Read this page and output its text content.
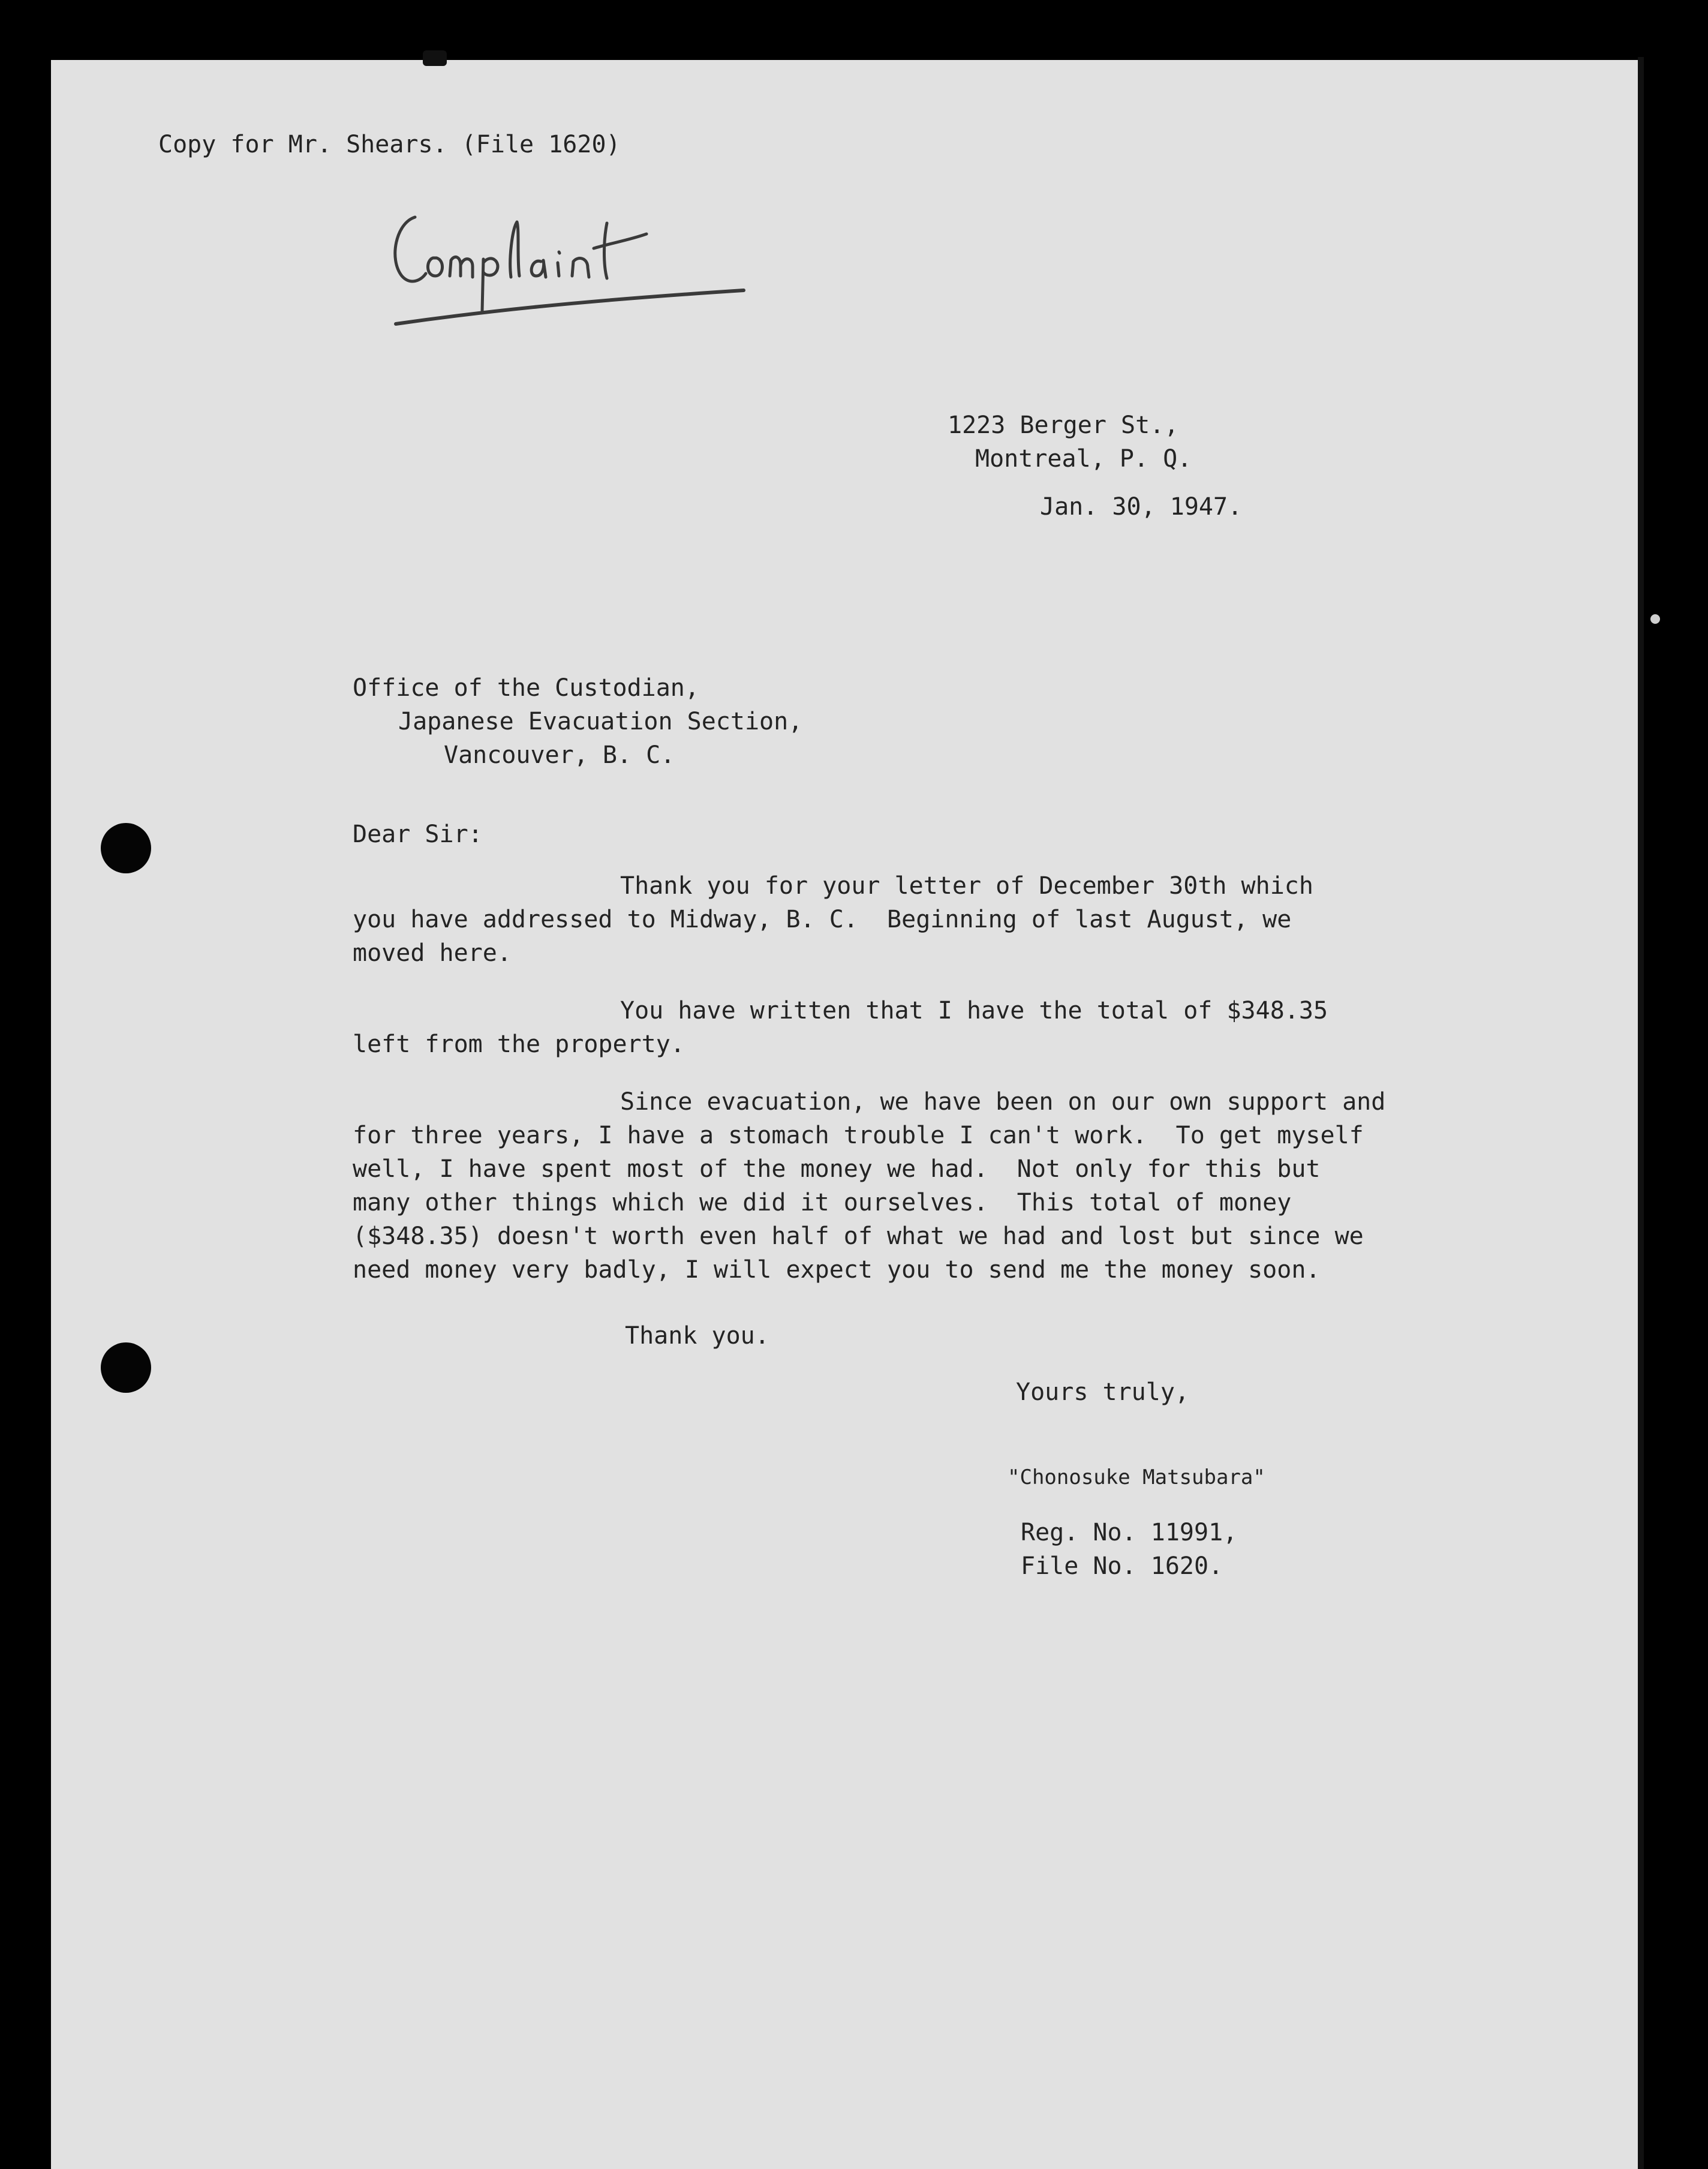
Copy for Mr. Shears. (File 1620)

1223 Berger St.,

Montreal, P. Q.

Jan. 30, 1947.

Office of the Custodian,

Japanese Evacuation Section,

Vancouver, B. C.

Dear Sir:

Thank you for your letter of December 30th which

you have addressed to Midway, B. C.  Beginning of last August, we

moved here.

You have written that I have the total of $348.35

left from the property.

Since evacuation, we have been on our own support and

for three years, I have a stomach trouble I can't work.  To get myself

well, I have spent most of the money we had.  Not only for this but

many other things which we did it ourselves.  This total of money

($348.35) doesn't worth even half of what we had and lost but since we

need money very badly, I will expect you to send me the money soon.

Thank you.

Yours truly,

"Chonosuke Matsubara"

Reg. No. 11991,

File No. 1620.
